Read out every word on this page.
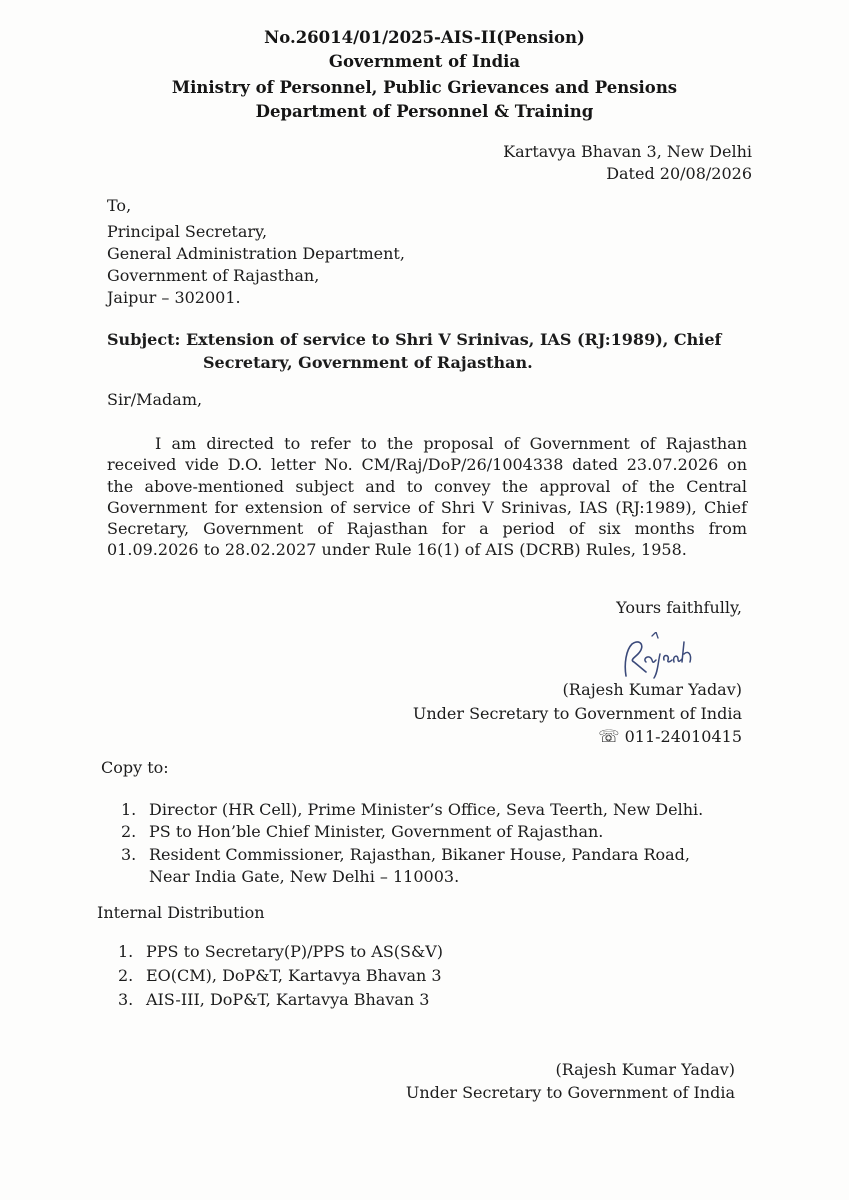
No.26014/01/2025-AIS-II(Pension)
Government of India
Ministry of Personnel, Public Grievances and Pensions
Department of Personnel & Training
Kartavya Bhavan 3, New Delhi
Dated 20/08/2026
To,
Principal Secretary,
General Administration Department,
Government of Rajasthan,
Jaipur – 302001.
Subject: Extension of service to Shri V Srinivas, IAS (RJ:1989), Chief
Secretary, Government of Rajasthan.
Sir/Madam,

I am directed to refer to the proposal of Government of Rajasthan received vide D.O. letter No. CM/Raj/DoP/26/1004338 dated 23.07.2026 on the above-mentioned subject and to convey the approval of the Central Government for extension of service of Shri V Srinivas, IAS (RJ:1989), Chief Secretary, Government of Rajasthan for a period of six months from 01.09.2026 to 28.02.2027 under Rule 16(1) of AIS (DCRB) Rules, 1958.

Yours faithfully,
(Rajesh Kumar Yadav)
Under Secretary to Government of India
☏ 011-24010415
Copy to:
1. Director (HR Cell), Prime Minister’s Office, Seva Teerth, New Delhi.
2. PS to Hon’ble Chief Minister, Government of Rajasthan.
3. Resident Commissioner, Rajasthan, Bikaner House, Pandara Road,
Near India Gate, New Delhi – 110003.
Internal Distribution
1. PPS to Secretary(P)/PPS to AS(S&V)
2. EO(CM), DoP&T, Kartavya Bhavan 3
3. AIS-III, DoP&T, Kartavya Bhavan 3
(Rajesh Kumar Yadav)
Under Secretary to Government of India
